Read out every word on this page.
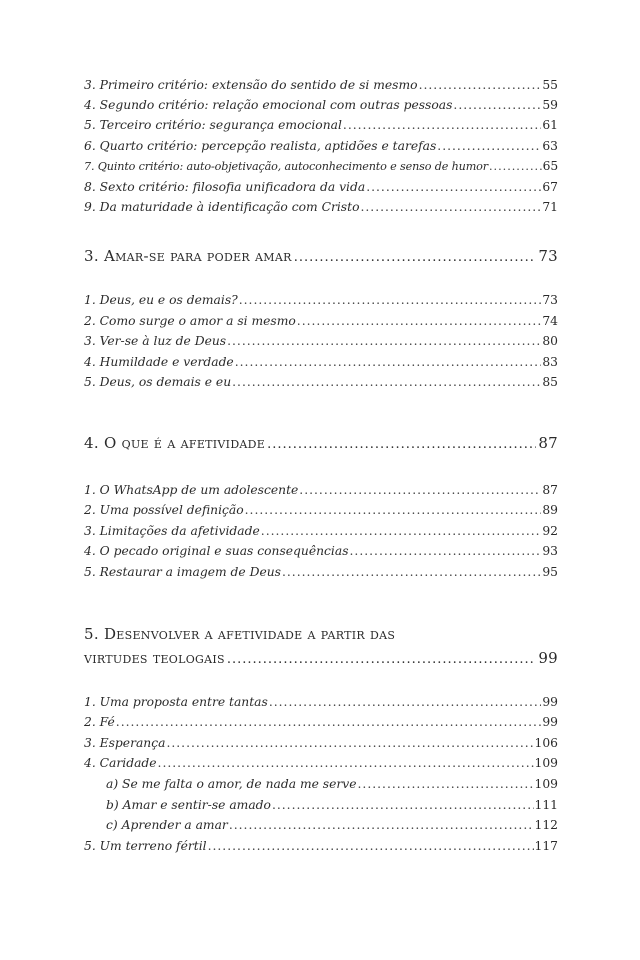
3. Primeiro critério: extensão do sentido de si mesmo .....	55
4. Segundo critério: relação emocional com outras pessoas .....	59
5. Terceiro critério: segurança emocional .....	61
6. Quarto critério: percepção realista, aptidões e tarefas .....	63
7. Quinto critério: auto-objetivação, autoconhecimento e senso de humor .....	65
8. Sexto critério: filosofia unificadora da vida .....	67
9. Da maturidade à identificação com Cristo .....	71
3. Amar-se para poder amar .....	73
1. Deus, eu e os demais? .....	73
2. Como surge o amor a si mesmo .....	74
3. Ver-se à luz de Deus .....	80
4. Humildade e verdade .....	83
5. Deus, os demais e eu .....	85
4. O que é a afetividade .....	87
1. O WhatsApp de um adolescente .....	87
2. Uma possível definição .....	89
3. Limitações da afetividade .....	92
4. O pecado original e suas consequências .....	93
5. Restaurar a imagem de Deus .....	95
5. Desenvolver a afetividade a partir das
virtudes teologais .....	99
1. Uma proposta entre tantas .....	99
2. Fé .....	99
3. Esperança .....	106
4. Caridade .....	109
a) Se me falta o amor, de nada me serve .....	109
b) Amar e sentir-se amado .....	111
c) Aprender a amar .....	112
5. Um terreno fértil .....	117
